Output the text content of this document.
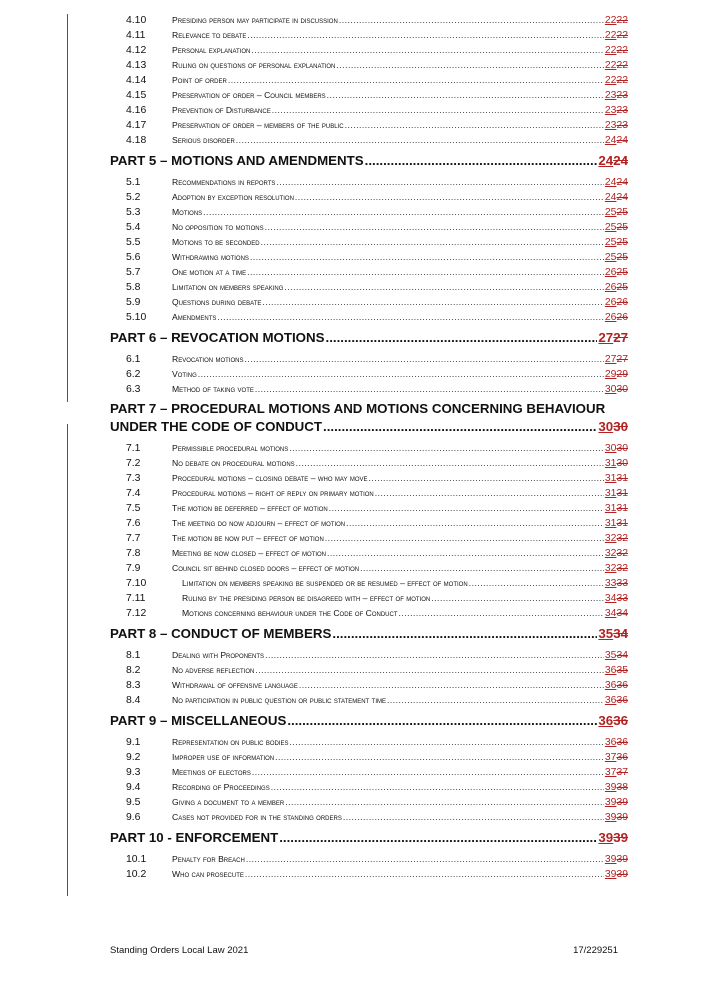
4.10	Presiding person may participate in discussion .....	2222
4.11	Relevance to debate .....	2222
4.12	Personal explanation .....	2222
4.13	Ruling on questions of personal explanation .....	2222
4.14	Point of order .....	2222
4.15	Preservation of order – Council members .....	2323
4.16	Prevention of Disturbance .....	2323
4.17	Preservation of order – members of the public .....	2323
4.18	Serious disorder .....	2424
PART 5 – MOTIONS AND AMENDMENTS .....	2424
5.1	Recommendations in reports .....	2424
5.2	Adoption by exception resolution .....	2424
5.3	Motions .....	2525
5.4	No opposition to motions .....	2525
5.5	Motions to be seconded .....	2525
5.6	Withdrawing motions .....	2525
5.7	One motion at a time .....	2625
5.8	Limitation on members speaking .....	2625
5.9	Questions during debate .....	2626
5.10	Amendments .....	2626
PART 6 – REVOCATION MOTIONS .....	2727
6.1	Revocation motions .....	2727
6.2	Voting .....	2929
6.3	Method of taking vote .....	3030
PART 7 – PROCEDURAL MOTIONS AND MOTIONS CONCERNING BEHAVIOUR
UNDER THE CODE OF CONDUCT .....	3030
7.1	Permissible procedural motions .....	3030
7.2	No debate on procedural motions .....	3130
7.3	Procedural motions – closing debate – who may move .....	3131
7.4	Procedural motions – right of reply on primary motion .....	3131
7.5	The motion be deferred – effect of motion .....	3131
7.6	The meeting do now adjourn – effect of motion .....	3131
7.7	The motion be now put – effect of motion .....	3232
7.8	Meeting be now closed – effect of motion .....	3232
7.9	Council sit behind closed doors – effect of motion .....	3232
7.10	Limitation on members speaking be suspended or be resumed – effect of motion .....	3333
7.11	Ruling by the presiding person be disagreed with – effect of motion .....	3433
7.12	Motions concerning behaviour under the Code of Conduct .....	3434
PART 8 – CONDUCT OF MEMBERS .....	3534
8.1	Dealing with Proponents .....	3534
8.2	No adverse reflection .....	3635
8.3	Withdrawal of offensive language .....	3636
8.4	No participation in public question or public statement time .....	3636
PART 9 – MISCELLANEOUS .....	3636
9.1	Representation on public bodies .....	3636
9.2	Improper use of information .....	3736
9.3	Meetings of electors .....	3737
9.4	Recording of Proceedings .....	3938
9.5	Giving a document to a member .....	3939
9.6	Cases not provided for in the standing orders .....	3939
PART 10 - ENFORCEMENT .....	3939
10.1	Penalty for Breach .....	3939
10.2	Who can prosecute .....	3939
Standing Orders Local Law 2021	17/229251
